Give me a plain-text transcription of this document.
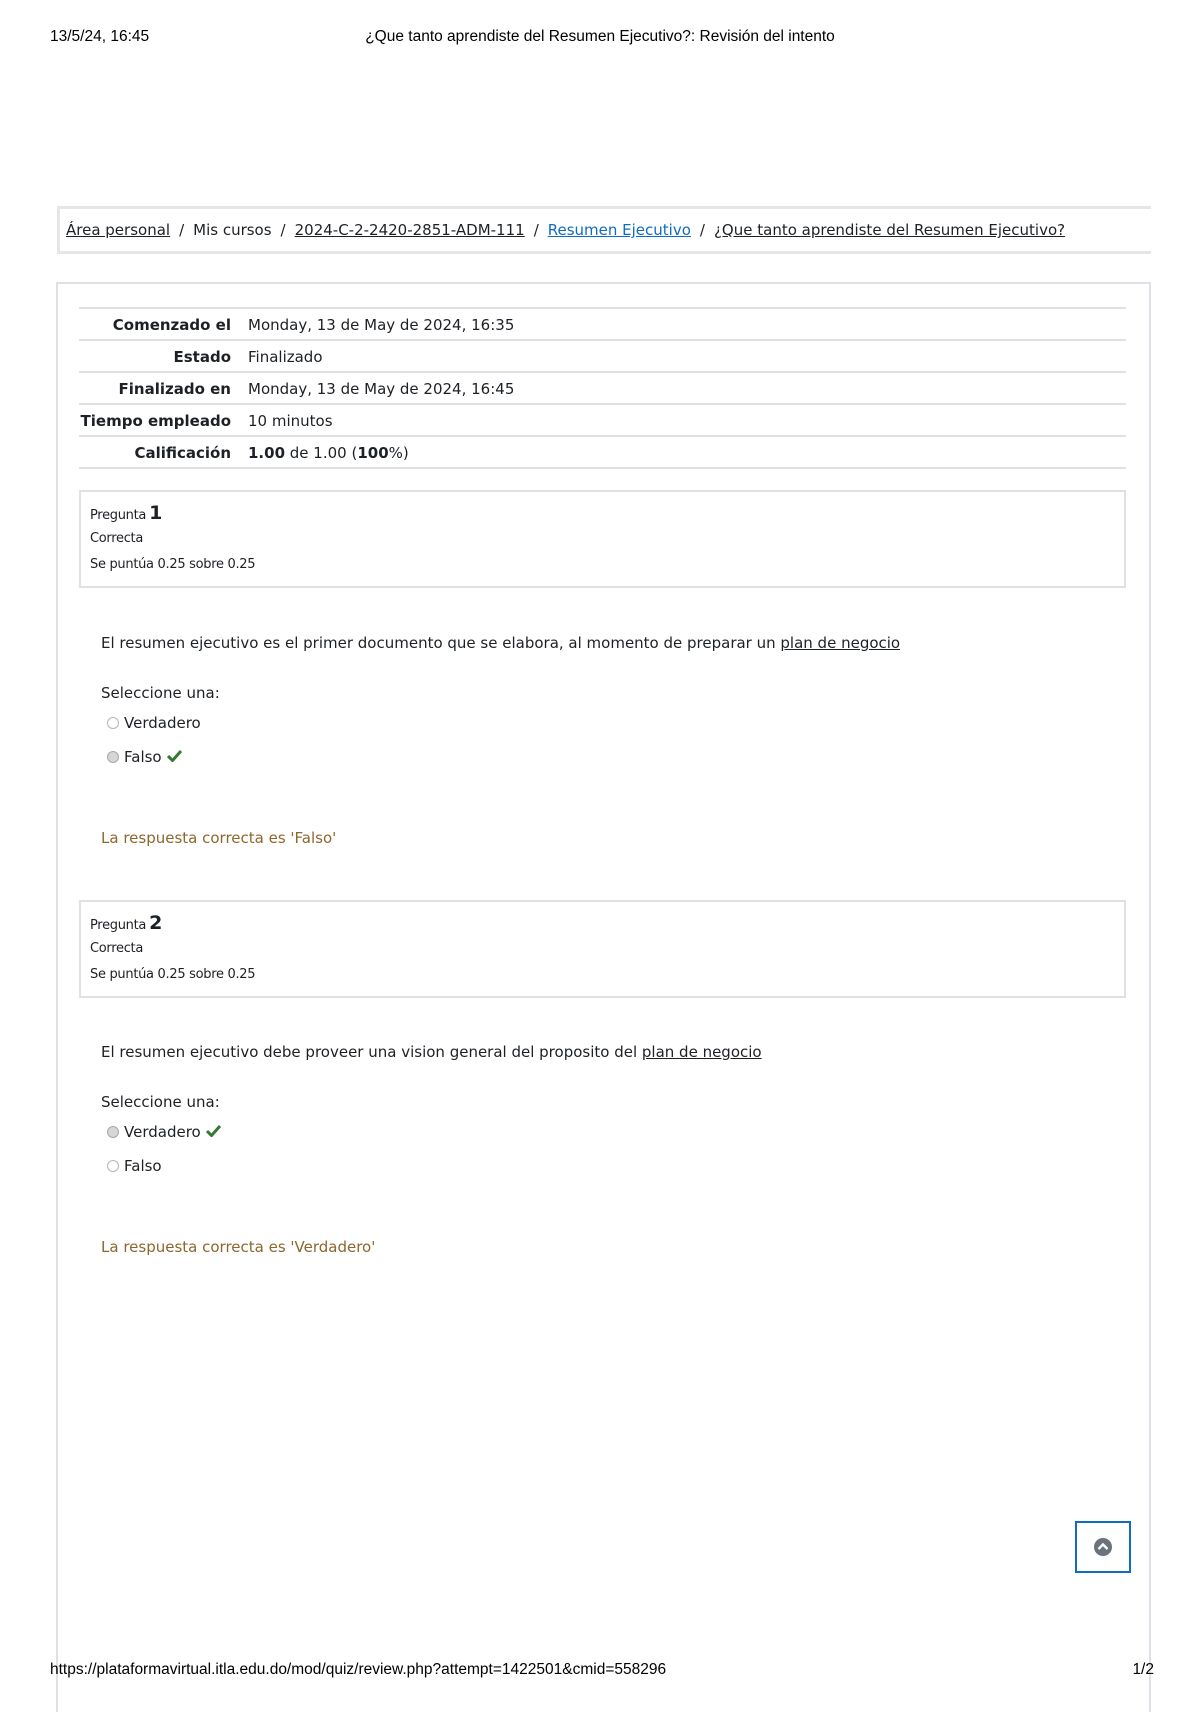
13/5/24, 16:45	¿Que tanto aprendiste del Resumen Ejecutivo?: Revisión del intento
Área personal / Mis cursos / 2024-C-2-2420-2851-ADM-111 / Resumen Ejecutivo / ¿Que tanto aprendiste del Resumen Ejecutivo?
Comenzado el	Monday, 13 de May de 2024, 16:35
Estado	Finalizado
Finalizado en	Monday, 13 de May de 2024, 16:45
Tiempo empleado	10 minutos
Calificación	1.00 de 1.00 (100%)
Pregunta 1
Correcta
Se puntúa 0.25 sobre 0.25
El resumen ejecutivo es el primer documento que se elabora, al momento de preparar un plan de negocio
Seleccione una:
Verdadero
Falso
La respuesta correcta es 'Falso'
Pregunta 2
Correcta
Se puntúa 0.25 sobre 0.25
El resumen ejecutivo debe proveer una vision general del proposito del plan de negocio
Seleccione una:
Verdadero
Falso
La respuesta correcta es 'Verdadero'
https://plataformavirtual.itla.edu.do/mod/quiz/review.php?attempt=1422501&cmid=558296	1/2
